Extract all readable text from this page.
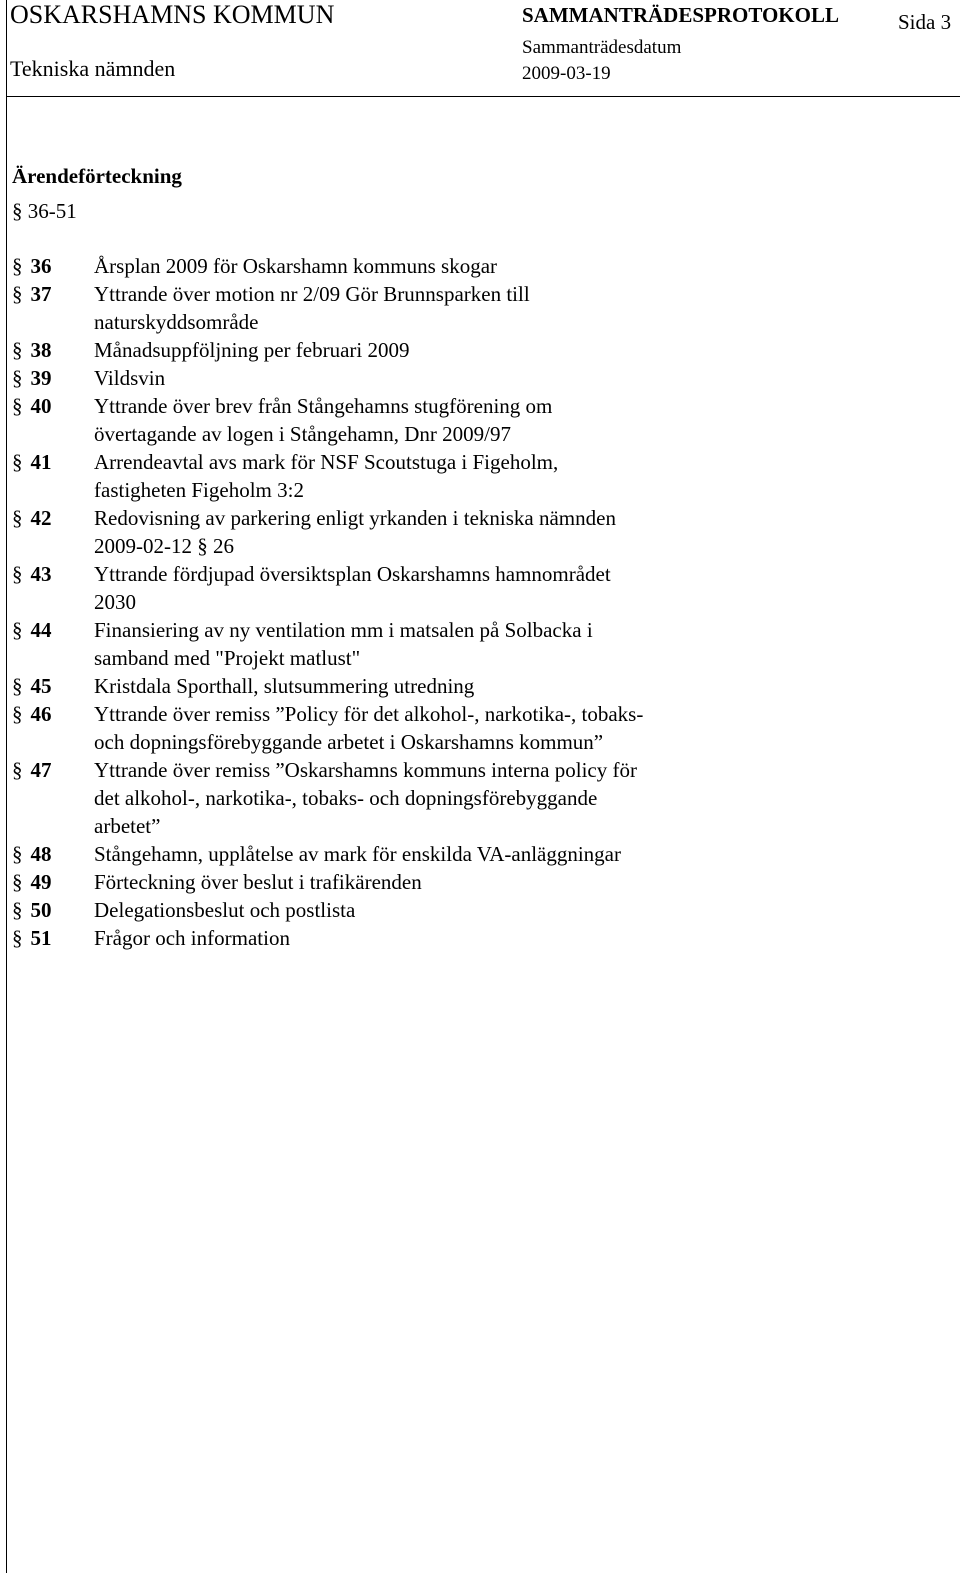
OSKARSHAMNS KOMMUN
Tekniska nämnden
SAMMANTRÄDESPROTOKOLL
Sammanträdesdatum
2009-03-19
Sida 3
Ärendeförteckning
§ 36-51
§ 36	Årsplan 2009 för Oskarshamn kommuns skogar
§ 37	Yttrande över motion nr 2/09 Gör Brunnsparken till
naturskyddsområde
§ 38	Månadsuppföljning per februari 2009
§ 39	Vildsvin
§ 40	Yttrande över brev från Stångehamns stugförening om
övertagande av logen i Stångehamn, Dnr 2009/97
§ 41	Arrendeavtal avs mark för NSF Scoutstuga i Figeholm,
fastigheten Figeholm 3:2
§ 42	Redovisning av parkering enligt yrkanden i tekniska nämnden
2009-02-12 § 26
§ 43	Yttrande fördjupad översiktsplan Oskarshamns hamnområdet
2030
§ 44	Finansiering av ny ventilation mm i matsalen på Solbacka i
samband med "Projekt matlust"
§ 45	Kristdala Sporthall, slutsummering utredning
§ 46	Yttrande över remiss ”Policy för det alkohol-, narkotika-, tobaks-
och dopningsförebyggande arbetet i Oskarshamns kommun”
§ 47	Yttrande över remiss ”Oskarshamns kommuns interna policy för
det alkohol-, narkotika-, tobaks- och dopningsförebyggande
arbetet”
§ 48	Stångehamn, upplåtelse av mark för enskilda VA-anläggningar
§ 49	Förteckning över beslut i trafikärenden
§ 50	Delegationsbeslut och postlista
§ 51	Frågor och information
